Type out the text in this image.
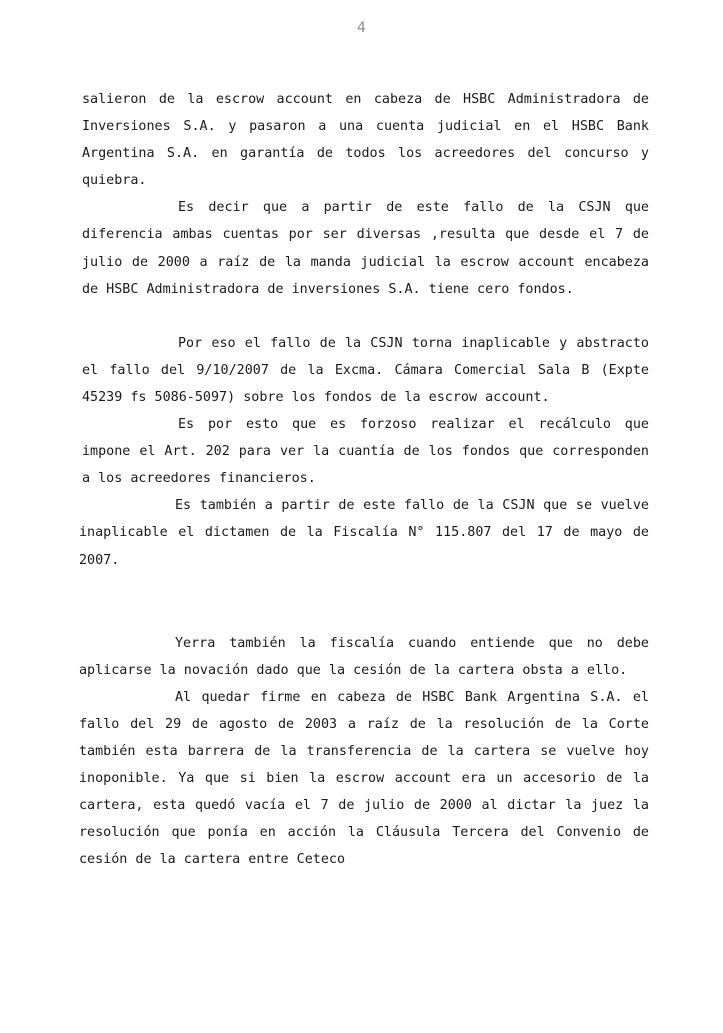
4

salieron de la escrow account en cabeza de HSBC Administradora de Inversiones S.A. y pasaron a una cuenta judicial en el HSBC Bank Argentina S.A. en garantía de todos los acreedores del concurso y quiebra.

Es decir que a partir de este fallo de la CSJN que diferencia ambas cuentas por ser diversas ,resulta que desde el 7 de julio de 2000 a raíz de la manda judicial la escrow account encabeza de HSBC Administradora de inversiones S.A. tiene cero fondos.

Por eso el fallo de la CSJN torna inaplicable y abstracto el fallo del 9/10/2007 de la Excma. Cámara Comercial Sala B (Expte 45239 fs 5086-5097) sobre los fondos de la escrow account.

Es por esto que es forzoso realizar el recálculo que impone el Art. 202 para ver la cuantía de los fondos que corresponden a los acreedores financieros.

Es también a partir de este fallo de la CSJN que se vuelve inaplicable el dictamen de la Fiscalía N° 115.807 del 17 de mayo de 2007.

Yerra también la fiscalía cuando entiende que no debe aplicarse la novación dado que la cesión de la cartera obsta a ello.

Al quedar firme en cabeza de HSBC Bank Argentina S.A. el fallo del 29 de agosto de 2003 a raíz de la resolución de la Corte también esta barrera de la transferencia de la cartera se vuelve hoy inoponible. Ya que si bien la escrow account era un accesorio de la cartera, esta quedó vacía el 7 de julio de 2000 al dictar la juez la resolución que ponía en acción la Cláusula Tercera del Convenio de cesión de la cartera entre Ceteco
